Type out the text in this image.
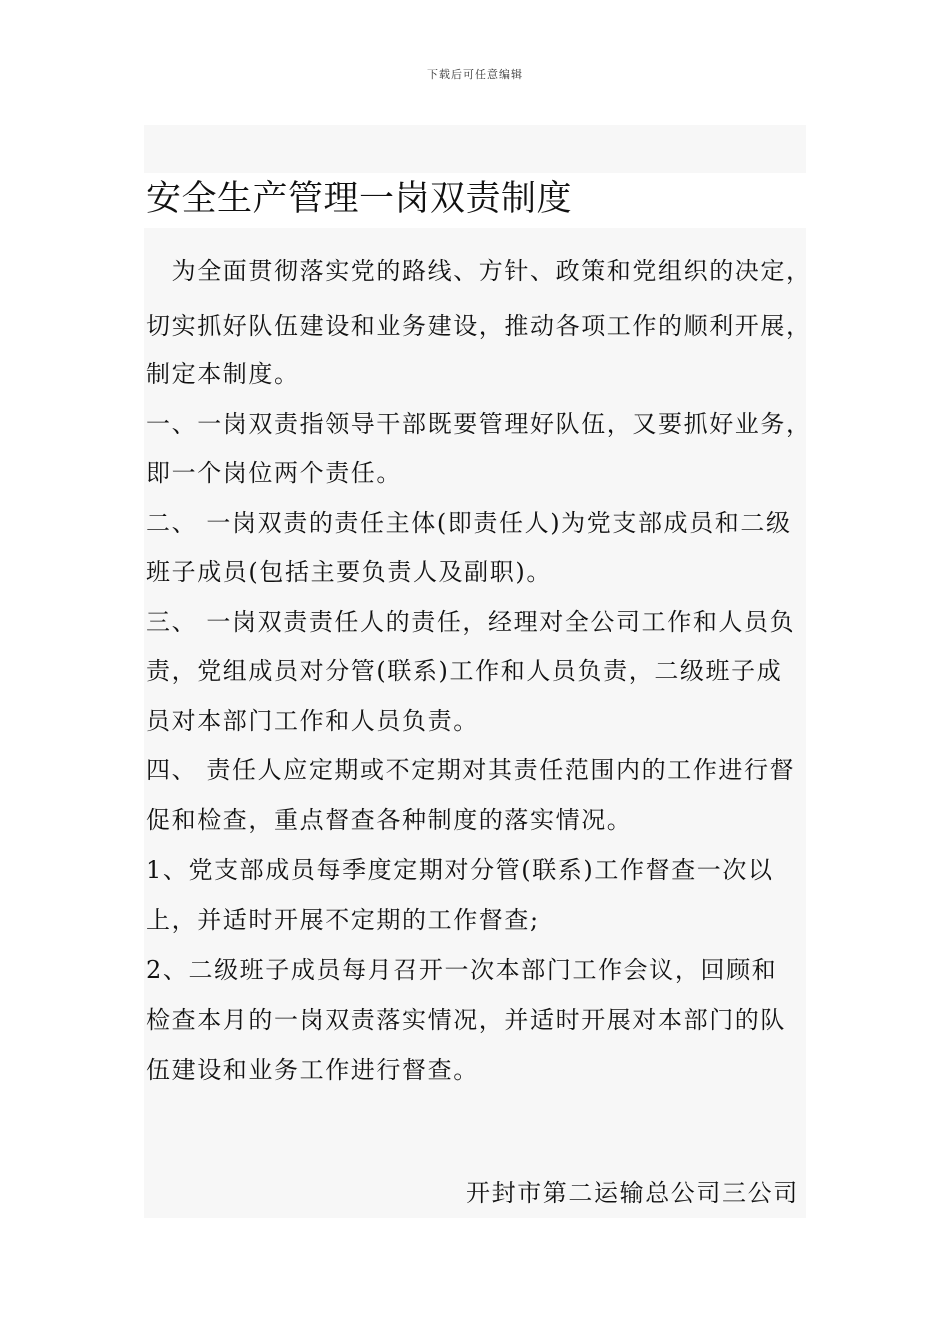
下载后可任意编辑
安全生产管理一岗双责制度
　为全面贯彻落实党的路线、方针、政策和党组织的决定，
切实抓好队伍建设和业务建设，推动各项工作的顺利开展，
制定本制度。
一、一岗双责指领导干部既要管理好队伍，又要抓好业务，
即一个岗位两个责任。
二、 一岗双责的责任主体(即责任人)为党支部成员和二级
班子成员(包括主要负责人及副职)。
三、 一岗双责责任人的责任，经理对全公司工作和人员负
责，党组成员对分管(联系)工作和人员负责，二级班子成
员对本部门工作和人员负责。
四、 责任人应定期或不定期对其责任范围内的工作进行督
促和检查，重点督查各种制度的落实情况。
1、党支部成员每季度定期对分管(联系)工作督查一次以
上，并适时开展不定期的工作督查;
2、二级班子成员每月召开一次本部门工作会议，回顾和
检查本月的一岗双责落实情况，并适时开展对本部门的队
伍建设和业务工作进行督查。
开封市第二运输总公司三公司
